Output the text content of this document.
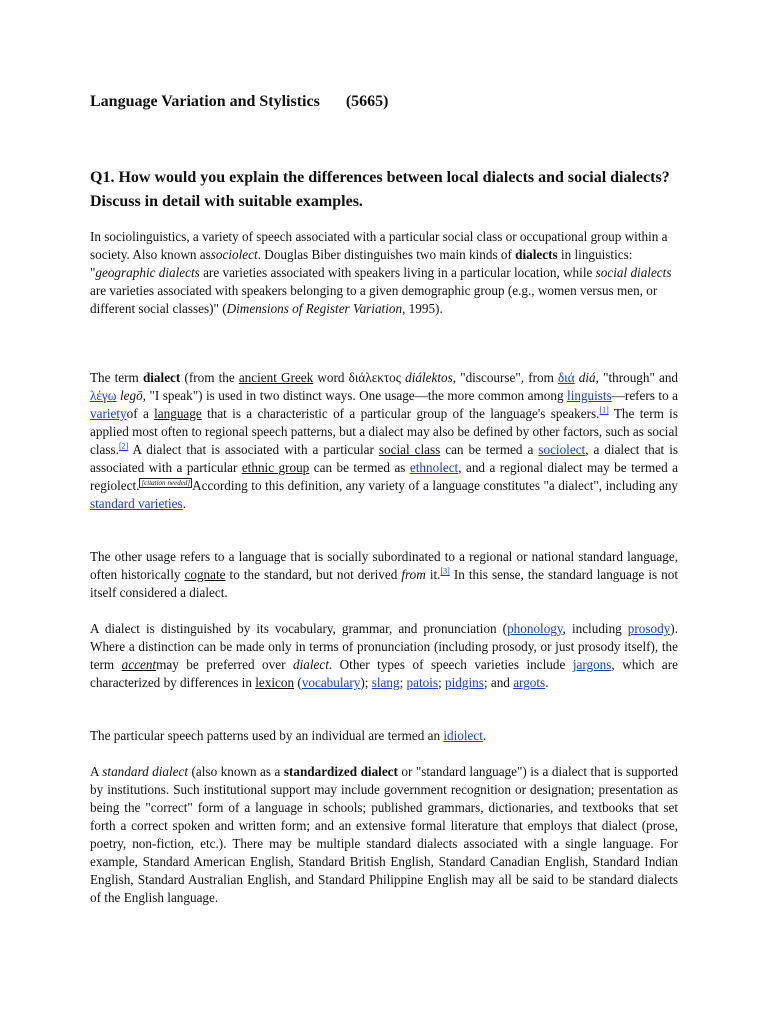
Language Variation and Stylistics (5665)
Q1. How would you explain the differences between local dialects and social dialects? Discuss in detail with suitable examples.

In sociolinguistics, a variety of speech associated with a particular social class or occupational group within a society. Also known associolect. Douglas Biber distinguishes two main kinds of dialects in linguistics: "geographic dialects are varieties associated with speakers living in a particular location, while social dialects are varieties associated with speakers belonging to a given demographic group (e.g., women versus men, or different social classes)" (Dimensions of Register Variation, 1995).

The term dialect (from the ancient Greek word διάλεκτος diálektos, "discourse", from διά diá, "through" and λέγω legō, "I speak") is used in two distinct ways. One usage—the more common among linguists—refers to a varietyof a language that is a characteristic of a particular group of the language's speakers.[1] The term is applied most often to regional speech patterns, but a dialect may also be defined by other factors, such as social class.[2] A dialect that is associated with a particular social class can be termed a sociolect, a dialect that is associated with a particular ethnic group can be termed as ethnolect, and a regional dialect may be termed a regiolect. [citation needed] According to this definition, any variety of a language constitutes "a dialect", including any standard varieties.

The other usage refers to a language that is socially subordinated to a regional or national standard language, often historically cognate to the standard, but not derived from it.[3] In this sense, the standard language is not itself considered a dialect.

A dialect is distinguished by its vocabulary, grammar, and pronunciation (phonology, including prosody). Where a distinction can be made only in terms of pronunciation (including prosody, or just prosody itself), the term accentmay be preferred over dialect. Other types of speech varieties include jargons, which are characterized by differences in lexicon (vocabulary); slang; patois; pidgins; and argots.

The particular speech patterns used by an individual are termed an idiolect.

A standard dialect (also known as a standardized dialect or "standard language") is a dialect that is supported by institutions. Such institutional support may include government recognition or designation; presentation as being the "correct" form of a language in schools; published grammars, dictionaries, and textbooks that set forth a correct spoken and written form; and an extensive formal literature that employs that dialect (prose, poetry, non-fiction, etc.). There may be multiple standard dialects associated with a single language. For example, Standard American English, Standard British English, Standard Canadian English, Standard Indian English, Standard Australian English, and Standard Philippine English may all be said to be standard dialects of the English language.
